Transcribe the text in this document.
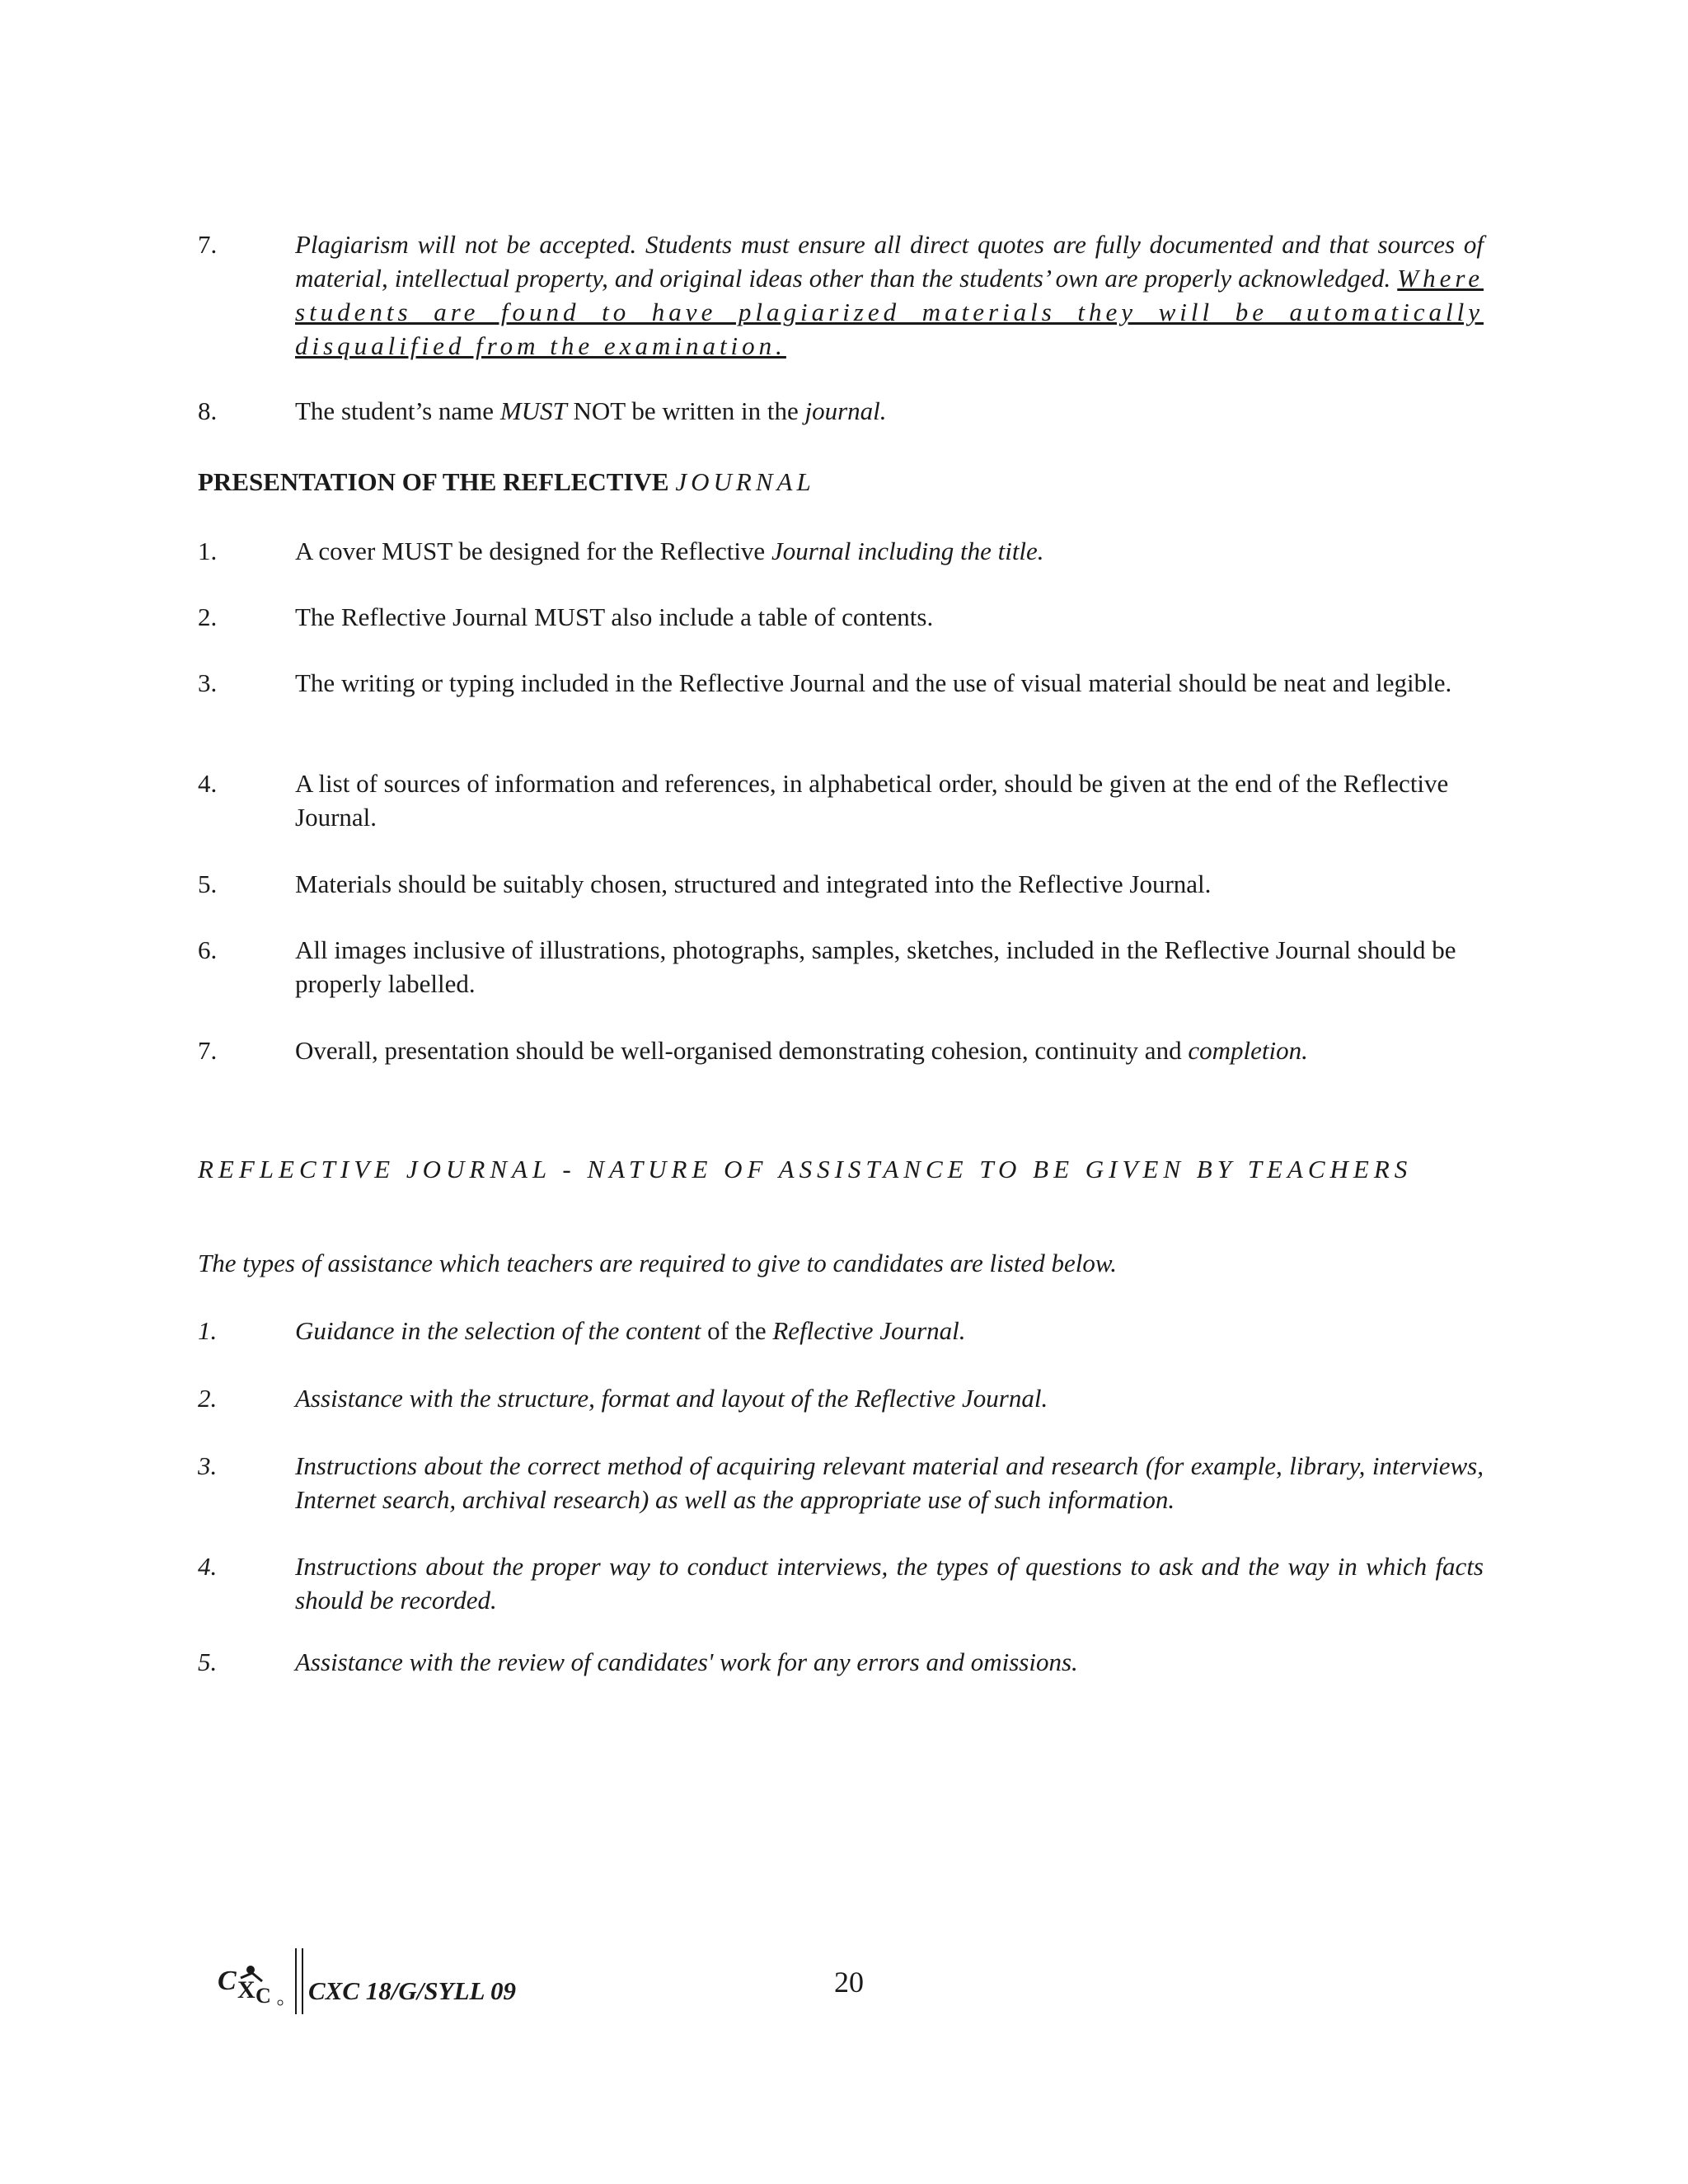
7.	Plagiarism will not be accepted. Students must ensure all direct quotes are fully documented and that sources of material, intellectual property, and original ideas other than the students’ own are properly acknowledged. Where students are found to have plagiarized materials they will be automatically disqualified from the examination.
8.	The student’s name MUST NOT be written in the journal.
PRESENTATION OF THE REFLECTIVE JOURNAL
1.	A cover MUST be designed for the Reflective Journal including the title.
2.	The Reflective Journal MUST also include a table of contents.
3.	The writing or typing included in the Reflective Journal and the use of visual material should be neat and legible.
4.	A list of sources of information and references, in alphabetical order, should be given at the end of the Reflective Journal.
5.	Materials should be suitably chosen, structured and integrated into the Reflective Journal.
6.	All images inclusive of illustrations, photographs, samples, sketches, included in the Reflective Journal should be properly labelled.
7.	Overall, presentation should be well-organised demonstrating cohesion, continuity and completion.
REFLECTIVE JOURNAL - NATURE OF ASSISTANCE TO BE GIVEN BY TEACHERS
The types of assistance which teachers are required to give to candidates are listed below.
1.	Guidance in the selection of the content of the Reflective Journal.
2.	Assistance with the structure, format and layout of the Reflective Journal.
3.	Instructions about the correct method of acquiring relevant material and research (for example, library, interviews, Internet search, archival research) as well as the appropriate use of such information.
4.	Instructions about the proper way to conduct interviews, the types of questions to ask and the way in which facts should be recorded.
5.	Assistance with the review of candidates' work for any errors and omissions.
C X C CXC 18/G/SYLL 09	20
